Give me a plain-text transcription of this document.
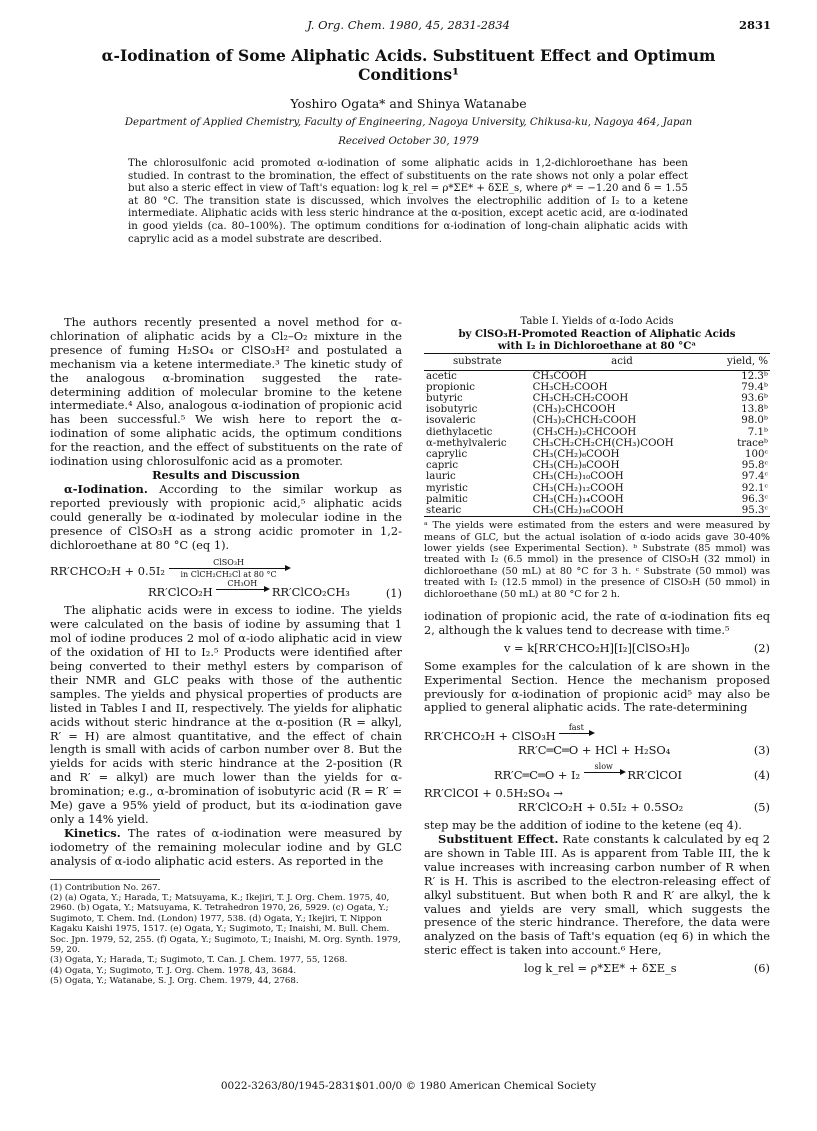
J. Org. Chem. 1980, 45, 2831-2834	2831
α-Iodination of Some Aliphatic Acids. Substituent Effect and Optimum Conditions¹
Yoshiro Ogata* and Shinya Watanabe
Department of Applied Chemistry, Faculty of Engineering, Nagoya University, Chikusa-ku, Nagoya 464, Japan
Received October 30, 1979
The chlorosulfonic acid promoted α-iodination of some aliphatic acids in 1,2-dichloroethane has been studied. In contrast to the bromination, the effect of substituents on the rate shows not only a polar effect but also a steric effect in view of Taft's equation: log k_rel = ρ*ΣE* + δΣE_s, where ρ* = −1.20 and δ = 1.55 at 80 °C. The transition state is discussed, which involves the electrophilic addition of I₂ to a ketene intermediate. Aliphatic acids with less steric hindrance at the α-position, except acetic acid, are α-iodinated in good yields (ca. 80–100%). The optimum conditions for α-iodination of long-chain aliphatic acids with caprylic acid as a model substrate are described.

The authors recently presented a novel method for α-chlorination of aliphatic acids by a Cl₂–O₂ mixture in the presence of fuming H₂SO₄ or ClSO₃H² and postulated a mechanism via a ketene intermediate.³ The kinetic study of the analogous α-bromination suggested the rate-determining addition of molecular bromine to the ketene intermediate.⁴ Also, analogous α-iodination of propionic acid has been successful.⁵ We wish here to report the α-iodination of some aliphatic acids, the optimum conditions for the reaction, and the effect of substituents on the rate of iodination using chlorosulfonic acid as a promoter.

Results and Discussion

α-Iodination. According to the similar workup as reported previously with propionic acid,⁵ aliphatic acids could generally be α-iodinated by molecular iodine in the presence of ClSO₃H as a strong acidic promoter in 1,2-dichloroethane at 80 °C (eq 1).

RR′CHCO₂H + 0.5I₂
ClSO₃H
in ClCH₂CH₂Cl at 80 °C
RR′ClCO₂H
CH₃OH

RR′ClCO₂CH₃	(1)

The aliphatic acids were in excess to iodine. The yields were calculated on the basis of iodine by assuming that 1 mol of iodine produces 2 mol of α-iodo aliphatic acid in view of the oxidation of HI to I₂.⁵ Products were identified after being converted to their methyl esters by comparison of their NMR and GLC peaks with those of the authentic samples. The yields and physical properties of products are listed in Tables I and II, respectively. The yields for aliphatic acids without steric hindrance at the α-position (R = alkyl, R′ = H) are almost quantitative, and the effect of chain length is small with acids of carbon number over 8. But the yields for acids with steric hindrance at the 2-position (R and R′ = alkyl) are much lower than the yields for α-bromination; e.g., α-bromination of isobutyric acid (R = R′ = Me) gave a 95% yield of product, but its α-iodination gave only a 14% yield.

Kinetics. The rates of α-iodination were measured by iodometry of the remaining molecular iodine and by GLC analysis of α-iodo aliphatic acid esters. As reported in the

(1) Contribution No. 267.
(2) (a) Ogata, Y.; Harada, T.; Matsuyama, K.; Ikejiri, T. J. Org. Chem. 1975, 40, 2960. (b) Ogata, Y.; Matsuyama, K. Tetrahedron 1970, 26, 5929. (c) Ogata, Y.; Sugimoto, T. Chem. Ind. (London) 1977, 538. (d) Ogata, Y.; Ikejiri, T. Nippon Kagaku Kaishi 1975, 1517. (e) Ogata, Y.; Sugimoto, T.; Inaishi, M. Bull. Chem. Soc. Jpn. 1979, 52, 255. (f) Ogata, Y.; Sugimoto, T.; Inaishi, M. Org. Synth. 1979, 59, 20.
(3) Ogata, Y.; Harada, T.; Sugimoto, T. Can. J. Chem. 1977, 55, 1268.
(4) Ogata, Y.; Sugimoto, T. J. Org. Chem. 1978, 43, 3684.
(5) Ogata, Y.; Watanabe, S. J. Org. Chem. 1979, 44, 2768.
Table I. Yields of α-Iodo Acids
by ClSO₃H-Promoted Reaction of Aliphatic Acids
with I₂ in Dichloroethane at 80 °Cᵃ
substrate	acid	yield, %
acetic	CH₃COOH	12.3ᵇ
propionic	CH₃CH₂COOH	79.4ᵇ
butyric	CH₃CH₂CH₂COOH	93.6ᵇ
isobutyric	(CH₃)₂CHCOOH	13.8ᵇ
isovaleric	(CH₃)₂CHCH₂COOH	98.0ᵇ
diethylacetic	(CH₃CH₂)₂CHCOOH	7.1ᵇ
α-methylvaleric	CH₃CH₂CH₂CH(CH₃)COOH	traceᵇ
caprylic	CH₃(CH₂)₆COOH	100ᶜ
capric	CH₃(CH₂)₈COOH	95.8ᶜ
lauric	CH₃(CH₂)₁₀COOH	97.4ᶜ
myristic	CH₃(CH₂)₁₂COOH	92.1ᶜ
palmitic	CH₃(CH₂)₁₄COOH	96.3ᶜ
stearic	CH₃(CH₂)₁₆COOH	95.3ᶜ
ᵃ The yields were estimated from the esters and were measured by means of GLC, but the actual isolation of α-iodo acids gave 30-40% lower yields (see Experimental Section). ᵇ Substrate (85 mmol) was treated with I₂ (6.5 mmol) in the presence of ClSO₃H (32 mmol) in dichloroethane (50 mL) at 80 °C for 3 h. ᶜ Substrate (50 mmol) was treated with I₂ (12.5 mmol) in the presence of ClSO₃H (50 mmol) in dichloroethane (50 mL) at 80 °C for 2 h.

iodination of propionic acid, the rate of α-iodination fits eq 2, although the k values tend to decrease with time.⁵

v = k[RR′CHCO₂H][I₂][ClSO₃H]₀	(2)

Some examples for the calculation of k are shown in the Experimental Section. Hence the mechanism proposed previously for α-iodination of propionic acid⁵ may also be applied to general aliphatic acids. The rate-determining

RR′CHCO₂H + ClSO₃H
fast

RR′C═C═O + HCl + H₂SO₄	(3)
RR′C═C═O + I₂
slow

RR′ClCOI	(4)
RR′ClCOI + 0.5H₂SO₄ →
RR′ClCO₂H + 0.5I₂ + 0.5SO₂	(5)

step may be the addition of iodine to the ketene (eq 4).

Substituent Effect. Rate constants k calculated by eq 2 are shown in Table III. As is apparent from Table III, the k value increases with increasing carbon number of R when R′ is H. This is ascribed to the electron-releasing effect of alkyl substituent. But when both R and R′ are alkyl, the k values and yields are very small, which suggests the presence of the steric hindrance. Therefore, the data were analyzed on the basis of Taft's equation (eq 6) in which the steric effect is taken into account.⁶ Here,

log k_rel = ρ*ΣE* + δΣE_s	(6)
0022-3263/80/1945-2831$01.00/0 © 1980 American Chemical Society
